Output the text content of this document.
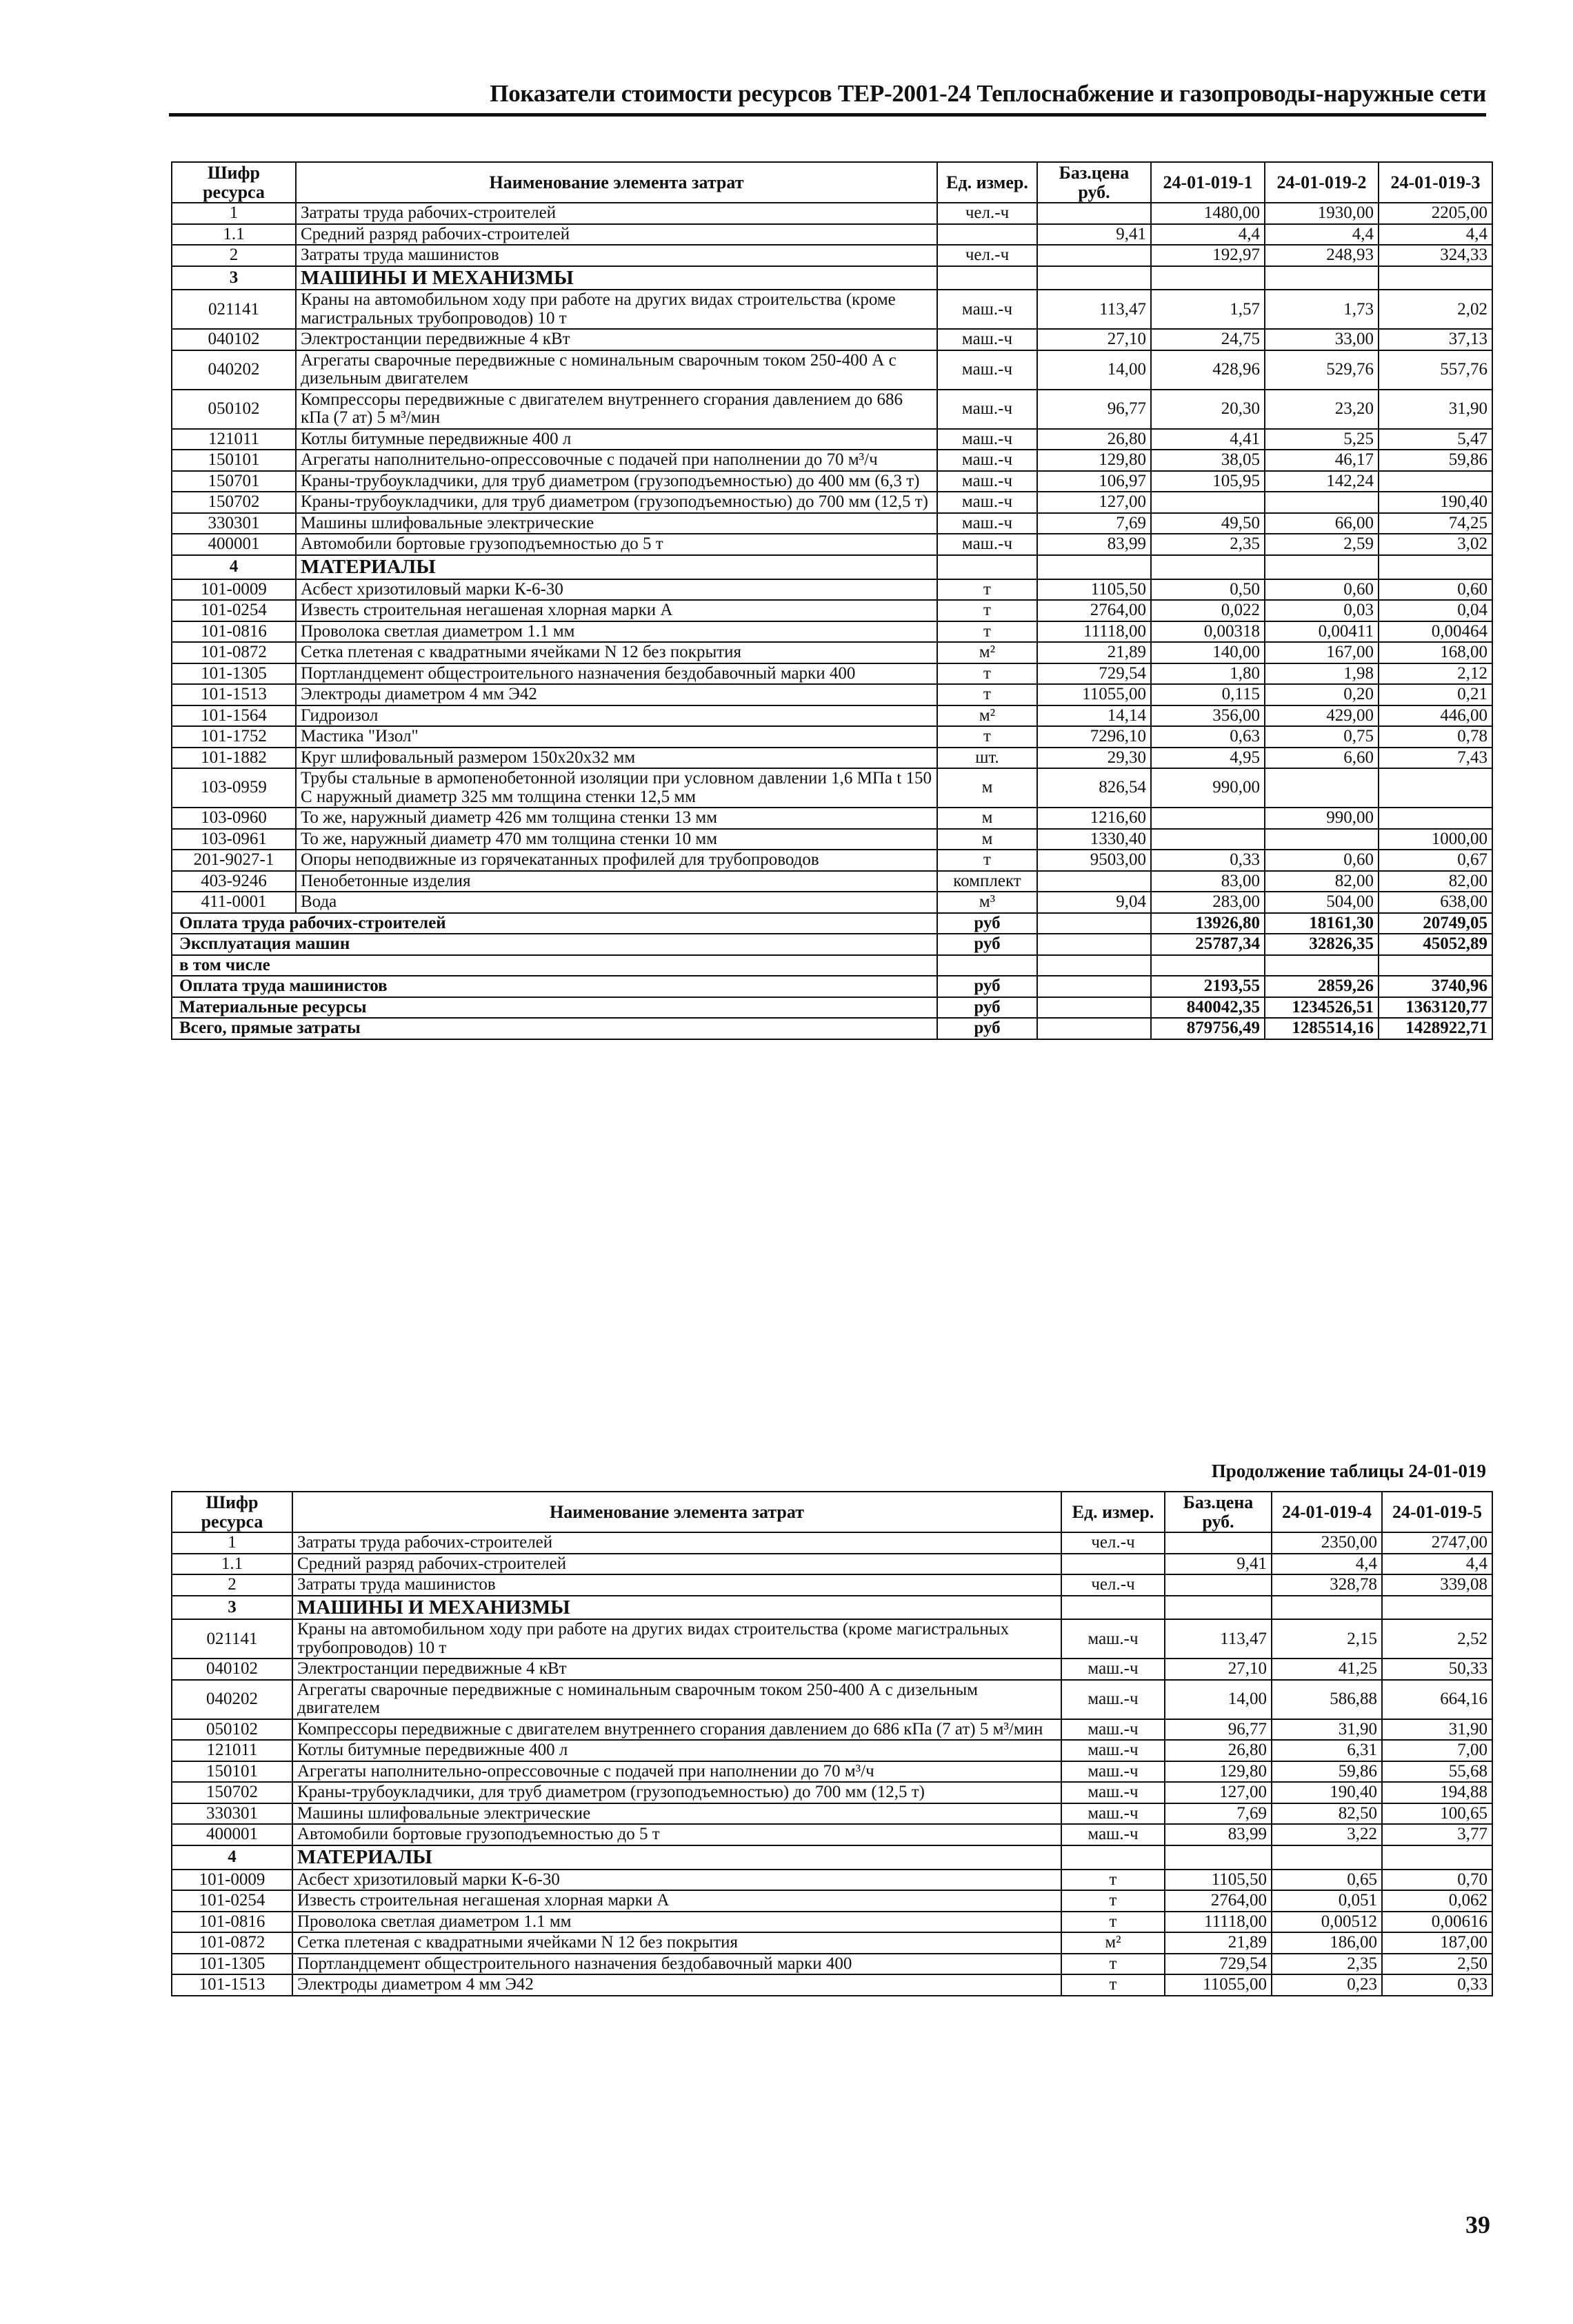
Показатели стоимости ресурсов ТЕР-2001-24 Теплоснабжение и газопроводы-наружные сети
Шифр ресурса	Наименование элемента затрат	Ед. измер.	Баз.цена руб.	24-01-019-1	24-01-019-2	24-01-019-3
1	Затраты труда рабочих-строителей	чел.-ч		1480,00	1930,00	2205,00
1.1	Средний разряд рабочих-строителей		9,41	4,4	4,4	4,4
2	Затраты труда машинистов	чел.-ч		192,97	248,93	324,33
3	МАШИНЫ И МЕХАНИЗМЫ					
021141	Краны на автомобильном ходу при работе на других видах строительства (кроме магистральных трубопроводов) 10 т	маш.-ч	113,47	1,57	1,73	2,02
040102	Электростанции передвижные 4 кВт	маш.-ч	27,10	24,75	33,00	37,13
040202	Агрегаты сварочные передвижные с номинальным сварочным током 250-400 А с дизельным двигателем	маш.-ч	14,00	428,96	529,76	557,76
050102	Компрессоры передвижные с двигателем внутреннего сгорания давлением до 686 кПа (7 ат) 5 м³/мин	маш.-ч	96,77	20,30	23,20	31,90
121011	Котлы битумные передвижные 400 л	маш.-ч	26,80	4,41	5,25	5,47
150101	Агрегаты наполнительно-опрессовочные с подачей при наполнении до 70 м³/ч	маш.-ч	129,80	38,05	46,17	59,86
150701	Краны-трубоукладчики, для труб диаметром (грузоподъемностью) до 400 мм (6,3 т)	маш.-ч	106,97	105,95	142,24	
150702	Краны-трубоукладчики, для труб диаметром (грузоподъемностью) до 700 мм (12,5 т)	маш.-ч	127,00			190,40
330301	Машины шлифовальные электрические	маш.-ч	7,69	49,50	66,00	74,25
400001	Автомобили бортовые грузоподъемностью до 5 т	маш.-ч	83,99	2,35	2,59	3,02
4	МАТЕРИАЛЫ					
101-0009	Асбест хризотиловый марки К-6-30	т	1105,50	0,50	0,60	0,60
101-0254	Известь строительная негашеная хлорная марки А	т	2764,00	0,022	0,03	0,04
101-0816	Проволока светлая диаметром 1.1 мм	т	11118,00	0,00318	0,00411	0,00464
101-0872	Сетка плетеная с квадратными ячейками N 12 без покрытия	м²	21,89	140,00	167,00	168,00
101-1305	Портландцемент общестроительного назначения бездобавочный марки 400	т	729,54	1,80	1,98	2,12
101-1513	Электроды диаметром 4 мм Э42	т	11055,00	0,115	0,20	0,21
101-1564	Гидроизол	м²	14,14	356,00	429,00	446,00
101-1752	Мастика "Изол"	т	7296,10	0,63	0,75	0,78
101-1882	Круг шлифовальный размером 150х20х32 мм	шт.	29,30	4,95	6,60	7,43
103-0959	Трубы стальные в армопенобетонной изоляции при условном давлении 1,6 МПа t 150 С наружный диаметр 325 мм толщина стенки 12,5 мм	м	826,54	990,00		
103-0960	То же, наружный диаметр 426 мм толщина стенки 13 мм	м	1216,60		990,00	
103-0961	То же, наружный диаметр 470 мм толщина стенки 10 мм	м	1330,40			1000,00
201-9027-1	Опоры неподвижные из горячекатанных профилей для трубопроводов	т	9503,00	0,33	0,60	0,67
403-9246	Пенобетонные изделия	комплект		83,00	82,00	82,00
411-0001	Вода	м³	9,04	283,00	504,00	638,00
Оплата труда рабочих-строителей		руб		13926,80	18161,30	20749,05
Эксплуатация машин		руб		25787,34	32826,35	45052,89
в том числе						
Оплата труда машинистов		руб		2193,55	2859,26	3740,96
Материальные ресурсы		руб		840042,35	1234526,51	1363120,77
Всего, прямые затраты		руб		879756,49	1285514,16	1428922,71
Продолжение таблицы 24-01-019
Шифр ресурса	Наименование элемента затрат	Ед. измер.	Баз.цена руб.	24-01-019-4	24-01-019-5
1	Затраты труда рабочих-строителей	чел.-ч		2350,00	2747,00
1.1	Средний разряд рабочих-строителей		9,41	4,4	4,4
2	Затраты труда машинистов	чел.-ч		328,78	339,08
3	МАШИНЫ И МЕХАНИЗМЫ				
021141	Краны на автомобильном ходу при работе на других видах строительства (кроме магистральных трубопроводов) 10 т	маш.-ч	113,47	2,15	2,52
040102	Электростанции передвижные 4 кВт	маш.-ч	27,10	41,25	50,33
040202	Агрегаты сварочные передвижные с номинальным сварочным током 250-400 А с дизельным двигателем	маш.-ч	14,00	586,88	664,16
050102	Компрессоры передвижные с двигателем внутреннего сгорания давлением до 686 кПа (7 ат) 5 м³/мин	маш.-ч	96,77	31,90	31,90
121011	Котлы битумные передвижные 400 л	маш.-ч	26,80	6,31	7,00
150101	Агрегаты наполнительно-опрессовочные с подачей при наполнении до 70 м³/ч	маш.-ч	129,80	59,86	55,68
150702	Краны-трубоукладчики, для труб диаметром (грузоподъемностью) до 700 мм (12,5 т)	маш.-ч	127,00	190,40	194,88
330301	Машины шлифовальные электрические	маш.-ч	7,69	82,50	100,65
400001	Автомобили бортовые грузоподъемностью до 5 т	маш.-ч	83,99	3,22	3,77
4	МАТЕРИАЛЫ				
101-0009	Асбест хризотиловый марки К-6-30	т	1105,50	0,65	0,70
101-0254	Известь строительная негашеная хлорная марки А	т	2764,00	0,051	0,062
101-0816	Проволока светлая диаметром 1.1 мм	т	11118,00	0,00512	0,00616
101-0872	Сетка плетеная с квадратными ячейками N 12 без покрытия	м²	21,89	186,00	187,00
101-1305	Портландцемент общестроительного назначения бездобавочный марки 400	т	729,54	2,35	2,50
101-1513	Электроды диаметром 4 мм Э42	т	11055,00	0,23	0,33
39
